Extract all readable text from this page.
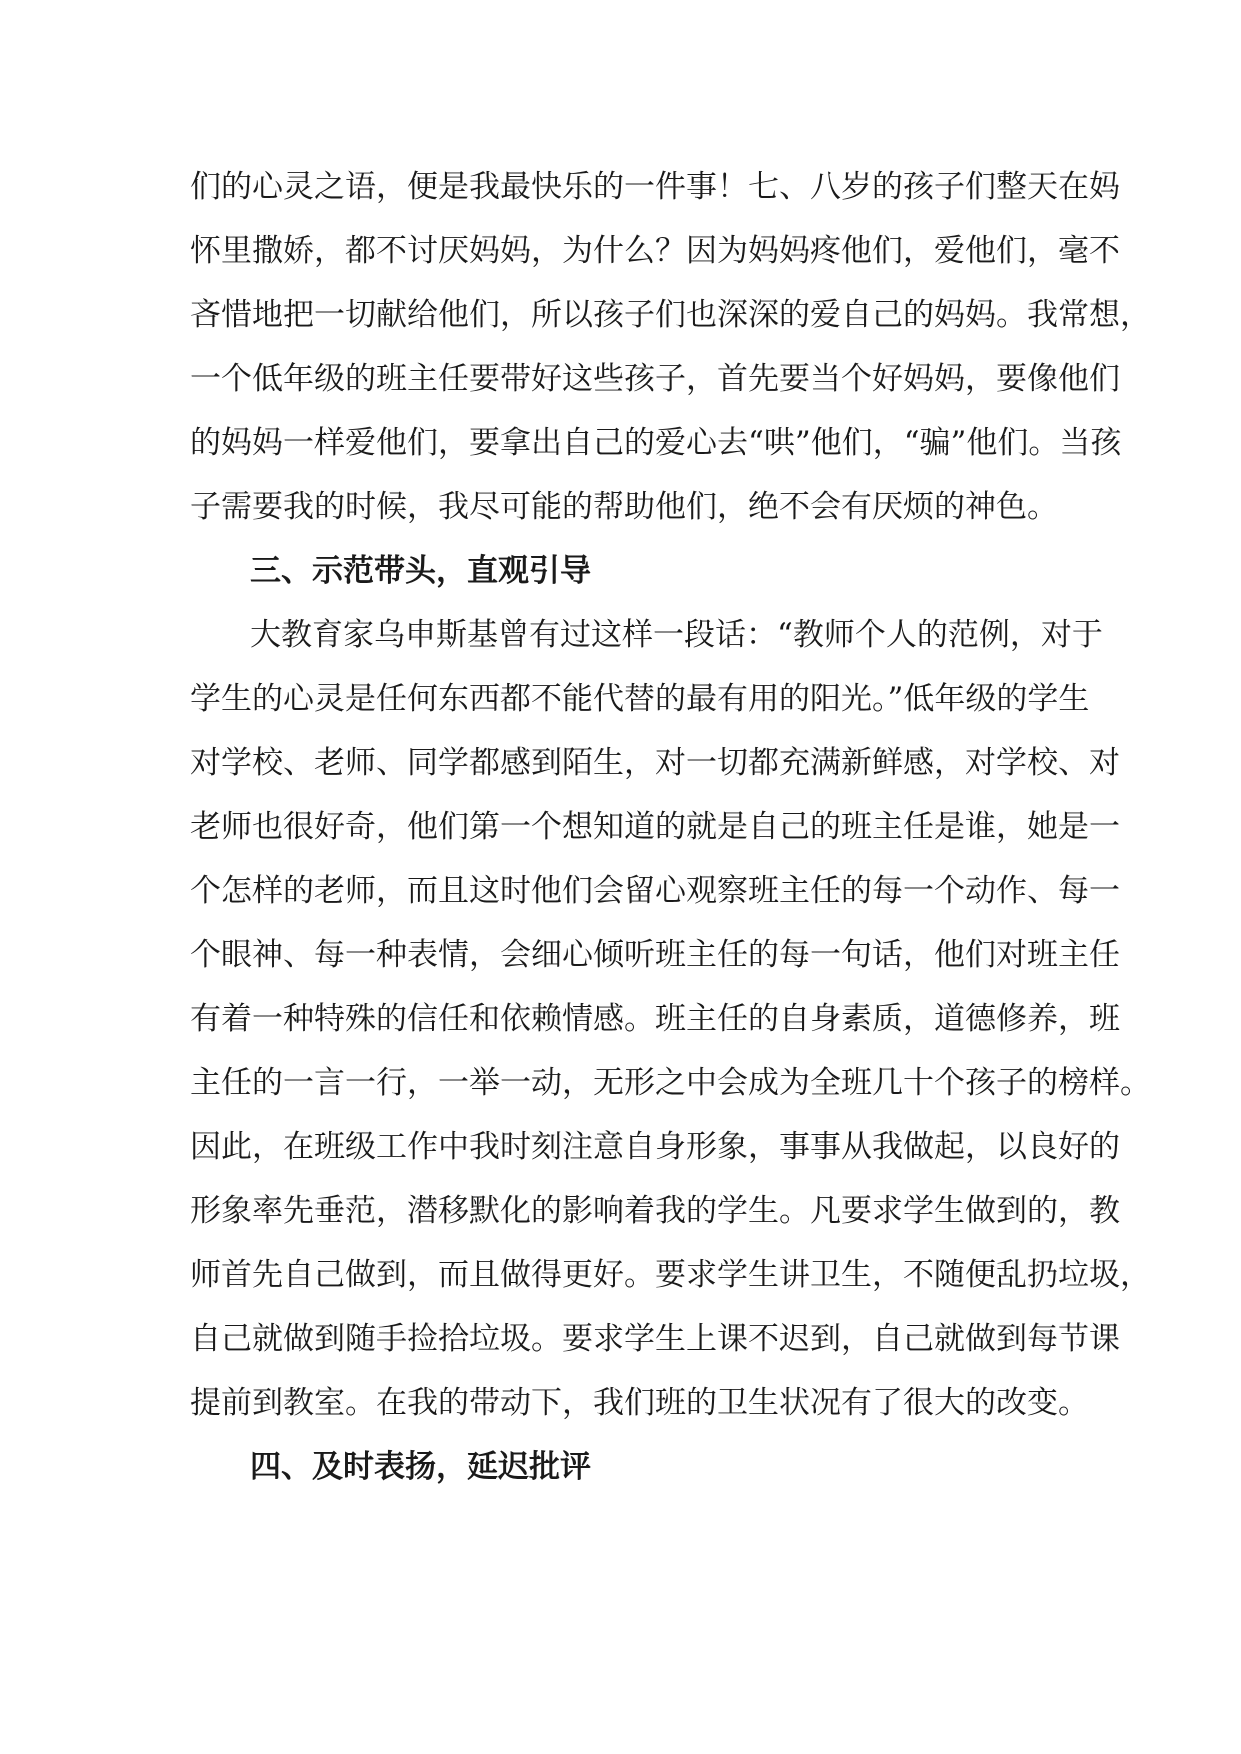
们的心灵之语，便是我最快乐的一件事！七、八岁的孩子们整天在妈
怀里撒娇，都不讨厌妈妈，为什么？因为妈妈疼他们，爱他们，毫不
吝惜地把一切献给他们，所以孩子们也深深的爱自己的妈妈。我常想，
一个低年级的班主任要带好这些孩子，首先要当个好妈妈，要像他们
的妈妈一样爱他们，要拿出自己的爱心去“哄”他们，“骗”他们。当孩
子需要我的时候，我尽可能的帮助他们，绝不会有厌烦的神色。
三、示范带头，直观引导
大教育家乌申斯基曾有过这样一段话：“教师个人的范例，对于
学生的心灵是任何东西都不能代替的最有用的阳光。”低年级的学生
对学校、老师、同学都感到陌生，对一切都充满新鲜感，对学校、对
老师也很好奇，他们第一个想知道的就是自己的班主任是谁，她是一
个怎样的老师，而且这时他们会留心观察班主任的每一个动作、每一
个眼神、每一种表情，会细心倾听班主任的每一句话，他们对班主任
有着一种特殊的信任和依赖情感。班主任的自身素质，道德修养，班
主任的一言一行，一举一动，无形之中会成为全班几十个孩子的榜样。
因此，在班级工作中我时刻注意自身形象，事事从我做起，以良好的
形象率先垂范，潜移默化的影响着我的学生。凡要求学生做到的，教
师首先自己做到，而且做得更好。要求学生讲卫生，不随便乱扔垃圾，
自己就做到随手捡拾垃圾。要求学生上课不迟到，自己就做到每节课
提前到教室。在我的带动下，我们班的卫生状况有了很大的改变。
四、及时表扬，延迟批评
